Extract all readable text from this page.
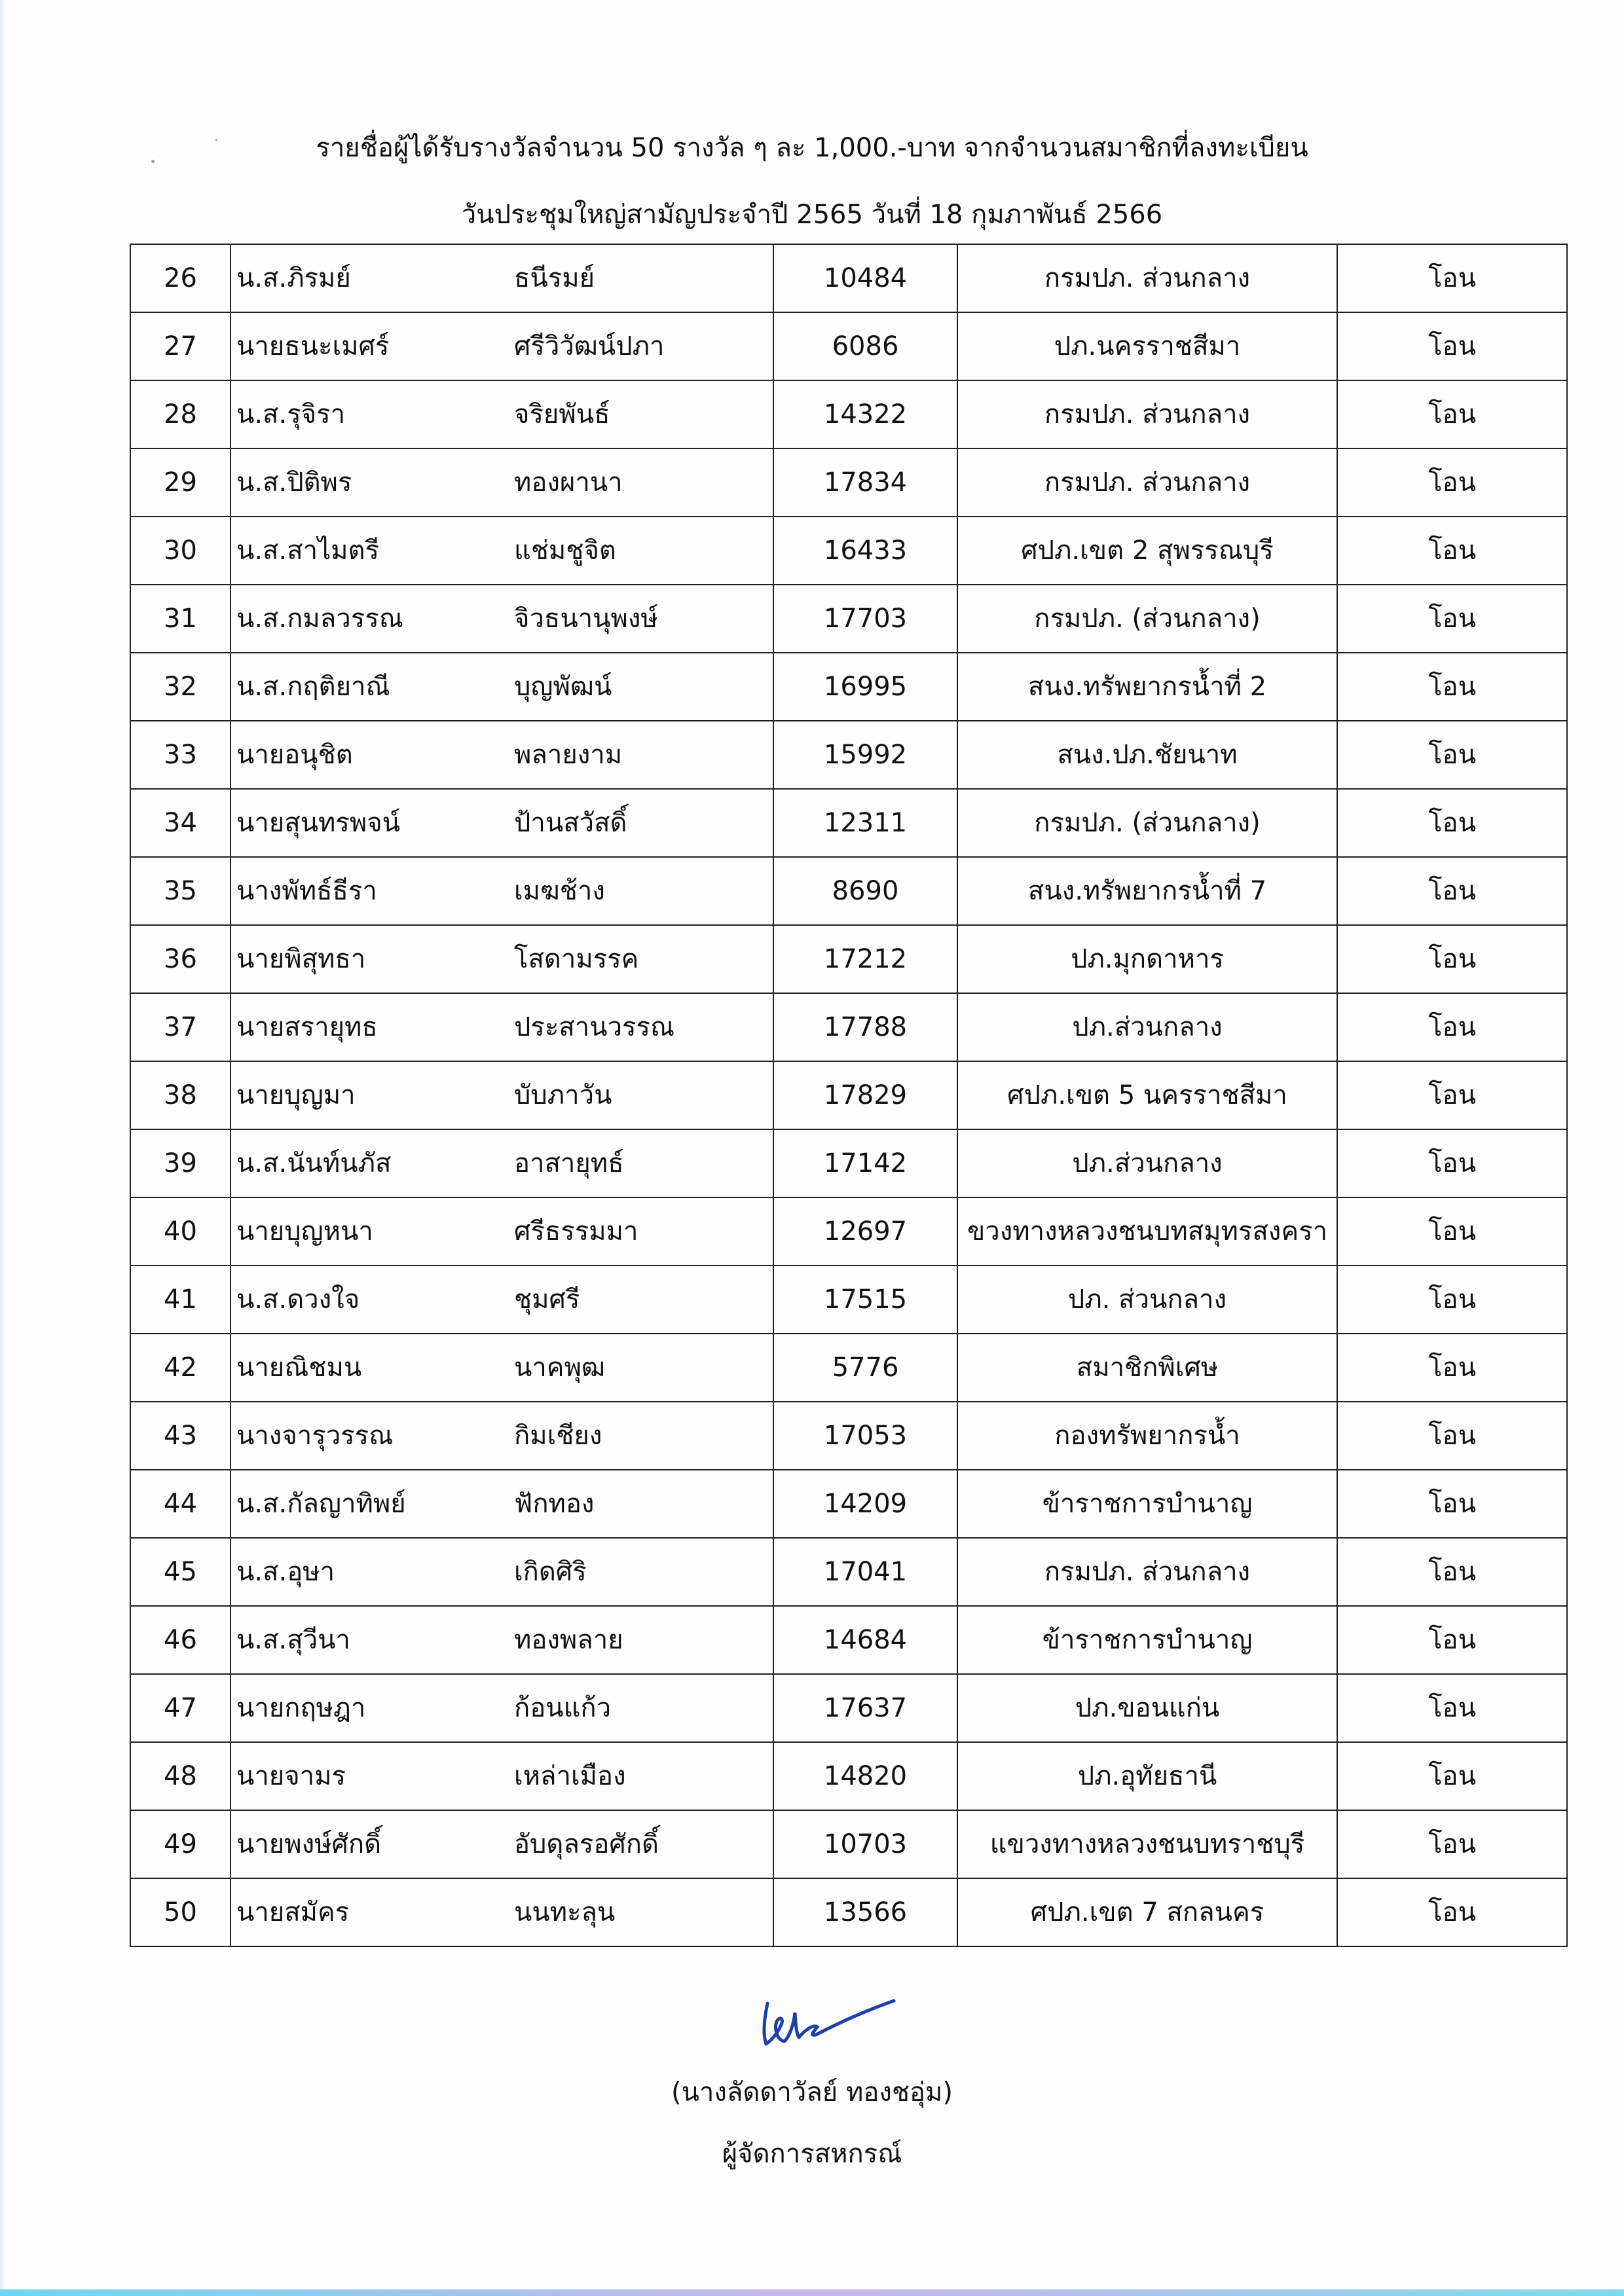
รายชื่อผู้ได้รับรางวัลจำนวน 50 รางวัล ๆ ละ 1,000.-บาท จากจำนวนสมาชิกที่ลงทะเบียน
วันประชุมใหญ่สามัญประจำปี 2565 วันที่ 18 กุมภาพันธ์ 2566
26	น.ส.ภิรมย์	ธนีรมย์	10484	กรมปภ. ส่วนกลาง	โอน
27	นายธนะเมศร์	ศรีวิวัฒน์ปภา	6086	ปภ.นครราชสีมา	โอน
28	น.ส.รุจิรา	จริยพันธ์	14322	กรมปภ. ส่วนกลาง	โอน
29	น.ส.ปิติพร	ทองผานา	17834	กรมปภ. ส่วนกลาง	โอน
30	น.ส.สาไมตรี	แช่มชูจิต	16433	ศปภ.เขต 2 สุพรรณบุรี	โอน
31	น.ส.กมลวรรณ	จิวธนานุพงษ์	17703	กรมปภ. (ส่วนกลาง)	โอน
32	น.ส.กฤติยาณี	บุญพัฒน์	16995	สนง.ทรัพยากรน้ำที่ 2	โอน
33	นายอนุชิต	พลายงาม	15992	สนง.ปภ.ชัยนาท	โอน
34	นายสุนทรพจน์	ป้านสวัสดิ์	12311	กรมปภ. (ส่วนกลาง)	โอน
35	นางพัทธ์ธีรา	เมฆช้าง	8690	สนง.ทรัพยากรน้ำที่ 7	โอน
36	นายพิสุทธา	โสดามรรค	17212	ปภ.มุกดาหาร	โอน
37	นายสรายุทธ	ประสานวรรณ	17788	ปภ.ส่วนกลาง	โอน
38	นายบุญมา	บับภาวัน	17829	ศปภ.เขต 5 นครราชสีมา	โอน
39	น.ส.นันท์นภัส	อาสายุทธ์	17142	ปภ.ส่วนกลาง	โอน
40	นายบุญหนา	ศรีธรรมมา	12697	ขวงทางหลวงชนบทสมุทรสงครา	โอน
41	น.ส.ดวงใจ	ชุมศรี	17515	ปภ. ส่วนกลาง	โอน
42	นายณิชมน	นาคพุฒ	5776	สมาชิกพิเศษ	โอน
43	นางจารุวรรณ	กิมเชียง	17053	กองทรัพยากรน้ำ	โอน
44	น.ส.กัลญาทิพย์	ฟักทอง	14209	ข้าราชการบำนาญ	โอน
45	น.ส.อุษา	เกิดศิริ	17041	กรมปภ. ส่วนกลาง	โอน
46	น.ส.สุวีนา	ทองพลาย	14684	ข้าราชการบำนาญ	โอน
47	นายกฤษฎา	ก้อนแก้ว	17637	ปภ.ขอนแก่น	โอน
48	นายจามร	เหล่าเมือง	14820	ปภ.อุทัยธานี	โอน
49	นายพงษ์ศักดิ์	อับดุลรอศักดิ์	10703	แขวงทางหลวงชนบทราชบุรี	โอน
50	นายสมัคร	นนทะลุน	13566	ศปภ.เขต 7 สกลนคร	โอน
(นางลัดดาวัลย์ ทองชอุ่ม)
ผู้จัดการสหกรณ์
